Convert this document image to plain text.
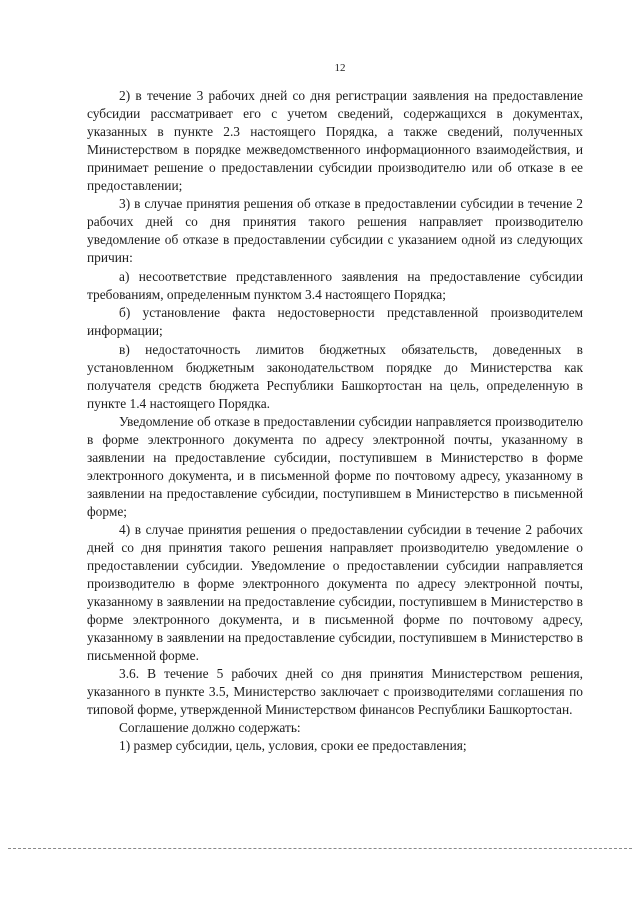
12

2) в течение 3 рабочих дней со дня регистрации заявления на предоставление субсидии рассматривает его с учетом сведений, содержащихся в документах, указанных в пункте 2.3 настоящего Порядка, а также сведений, полученных Министерством в порядке межведомственного информационного взаимодействия, и принимает решение о предоставлении субсидии производителю или об отказе в ее предоставлении;

3) в случае принятия решения об отказе в предоставлении субсидии в течение 2 рабочих дней со дня принятия такого решения направляет производителю уведомление об отказе в предоставлении субсидии с указанием одной из следующих причин:

а) несоответствие представленного заявления на предоставление субсидии требованиям, определенным пунктом 3.4 настоящего Порядка;

б) установление факта недостоверности представленной производителем информации;

в) недостаточность лимитов бюджетных обязательств, доведенных в установленном бюджетным законодательством порядке до Министерства как получателя средств бюджета Республики Башкортостан на цель, определенную в пункте 1.4 настоящего Порядка.

Уведомление об отказе в предоставлении субсидии направляется производителю в форме электронного документа по адресу электронной почты, указанному в заявлении на предоставление субсидии, поступившем в Министерство в форме электронного документа, и в письменной форме по почтовому адресу, указанному в заявлении на предоставление субсидии, поступившем в Министерство в письменной форме;

4) в случае принятия решения о предоставлении субсидии в течение 2 рабочих дней со дня принятия такого решения направляет производителю уведомление о предоставлении субсидии. Уведомление о предоставлении субсидии направляется производителю в форме электронного документа по адресу электронной почты, указанному в заявлении на предоставление субсидии, поступившем в Министерство в форме электронного документа, и в письменной форме по почтовому адресу, указанному в заявлении на предоставление субсидии, поступившем в Министерство в письменной форме.

3.6. В течение 5 рабочих дней со дня принятия Министерством решения, указанного в пункте 3.5, Министерство заключает с производителями соглашения по типовой форме, утвержденной Министерством финансов Республики Башкортостан.

Соглашение должно содержать:

1) размер субсидии, цель, условия, сроки ее предоставления;
